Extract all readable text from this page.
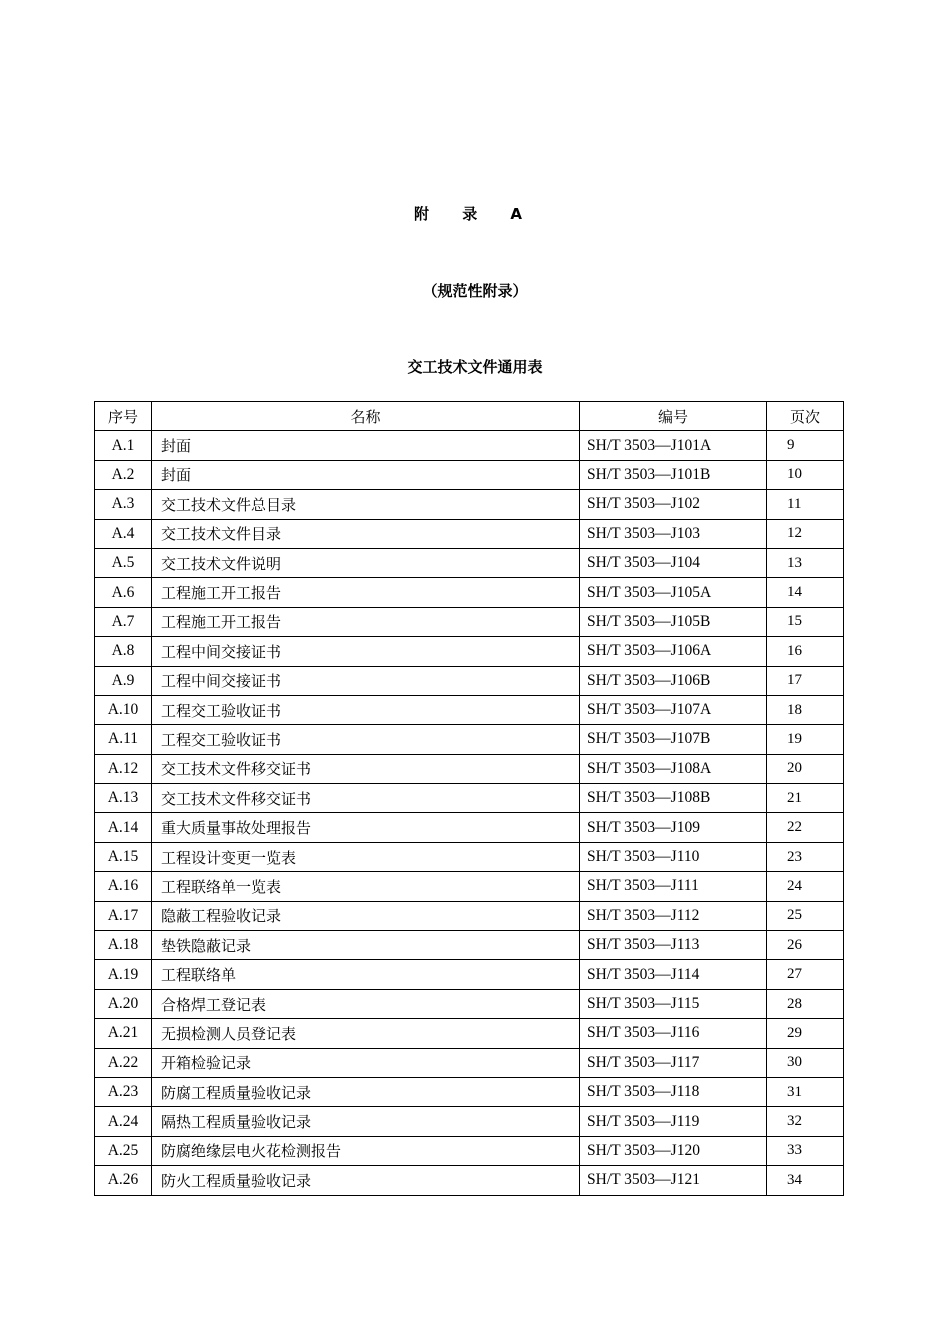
附 录 A
（规范性附录）
交工技术文件通用表
序号	名称	编号	页次
A.1	封面	SH/T 3503—J101A	9
A.2	封面	SH/T 3503—J101B	10
A.3	交工技术文件总目录	SH/T 3503—J102	11
A.4	交工技术文件目录	SH/T 3503—J103	12
A.5	交工技术文件说明	SH/T 3503—J104	13
A.6	工程施工开工报告	SH/T 3503—J105A	14
A.7	工程施工开工报告	SH/T 3503—J105B	15
A.8	工程中间交接证书	SH/T 3503—J106A	16
A.9	工程中间交接证书	SH/T 3503—J106B	17
A.10	工程交工验收证书	SH/T 3503—J107A	18
A.11	工程交工验收证书	SH/T 3503—J107B	19
A.12	交工技术文件移交证书	SH/T 3503—J108A	20
A.13	交工技术文件移交证书	SH/T 3503—J108B	21
A.14	重大质量事故处理报告	SH/T 3503—J109	22
A.15	工程设计变更一览表	SH/T 3503—J110	23
A.16	工程联络单一览表	SH/T 3503—J111	24
A.17	隐蔽工程验收记录	SH/T 3503—J112	25
A.18	垫铁隐蔽记录	SH/T 3503—J113	26
A.19	工程联络单	SH/T 3503—J114	27
A.20	合格焊工登记表	SH/T 3503—J115	28
A.21	无损检测人员登记表	SH/T 3503—J116	29
A.22	开箱检验记录	SH/T 3503—J117	30
A.23	防腐工程质量验收记录	SH/T 3503—J118	31
A.24	隔热工程质量验收记录	SH/T 3503—J119	32
A.25	防腐绝缘层电火花检测报告	SH/T 3503—J120	33
A.26	防火工程质量验收记录	SH/T 3503—J121	34
